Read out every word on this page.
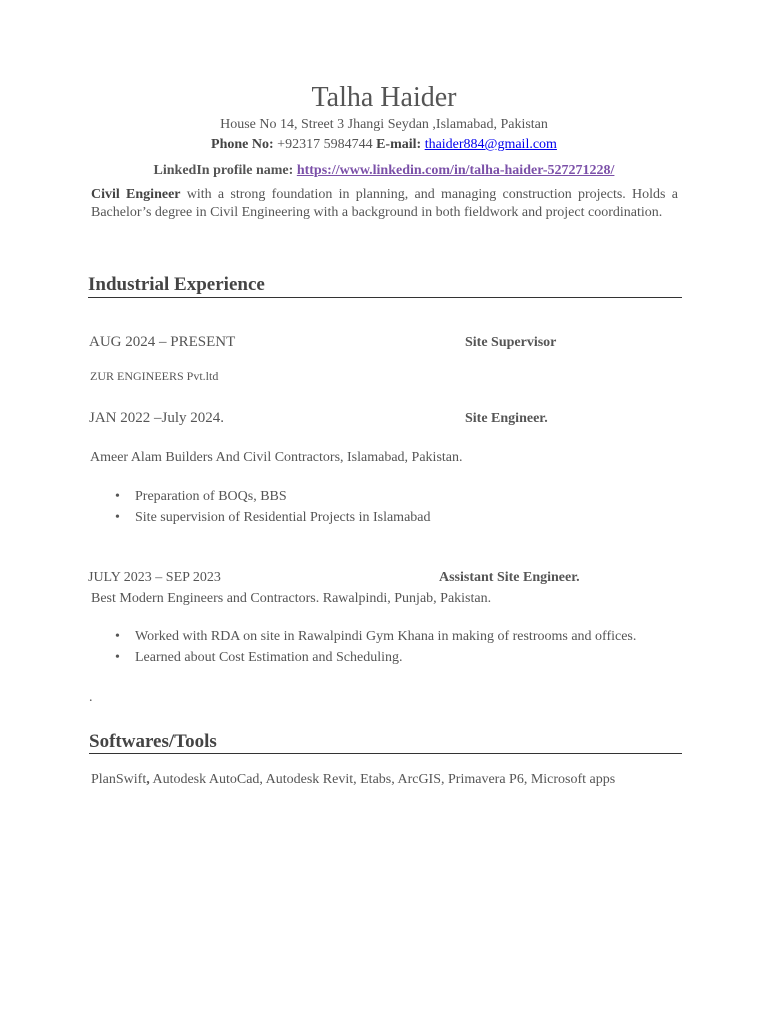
Talha Haider
House No 14, Street 3 Jhangi Seydan ,Islamabad, Pakistan
Phone No: +92317 5984744 E-mail: thaider884@gmail.com
LinkedIn profile name: https://www.linkedin.com/in/talha-haider-527271228/
Civil Engineer with a strong foundation in planning, and managing construction projects. Holds a Bachelor’s degree in Civil Engineering with a background in both fieldwork and project coordination.
Industrial Experience
AUG 2024 – PRESENT	Site Supervisor
ZUR ENGINEERS Pvt.ltd
JAN 2022 –July 2024.	Site Engineer.
Ameer Alam Builders And Civil Contractors, Islamabad, Pakistan.
• Preparation of BOQs, BBS
• Site supervision of Residential Projects in Islamabad
JULY 2023 – SEP 2023	Assistant Site Engineer.
Best Modern Engineers and Contractors. Rawalpindi, Punjab, Pakistan.
• Worked with RDA on site in Rawalpindi Gym Khana in making of restrooms and offices.
• Learned about Cost Estimation and Scheduling.
.
Softwares/Tools
PlanSwift, Autodesk AutoCad, Autodesk Revit, Etabs, ArcGIS, Primavera P6, Microsoft apps
